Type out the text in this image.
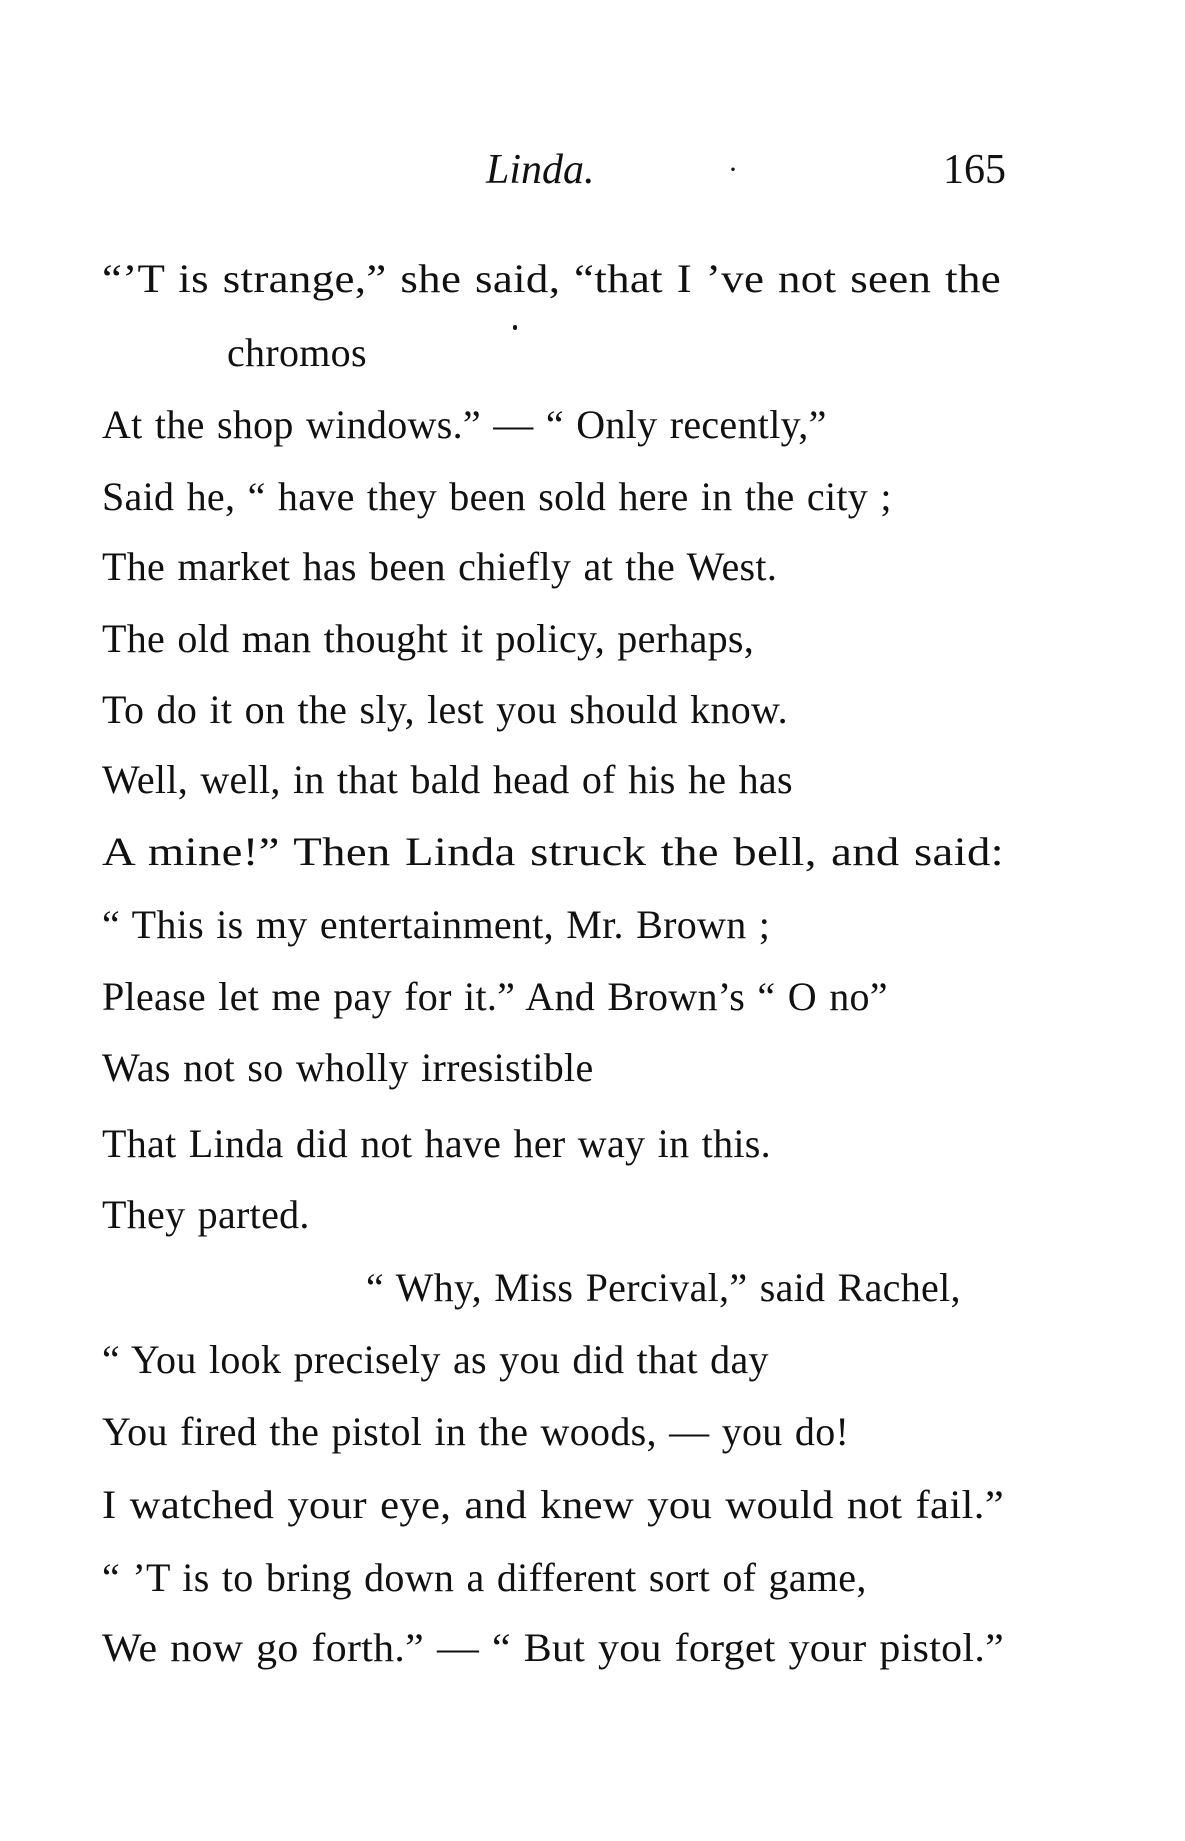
Linda.	·	165
“’T is strange,” she said, “that I ’ve not seen the
chromos
At the shop windows.” — “ Only recently,”
Said he, “ have they been sold here in the city ;
The market has been chiefly at the West.
The old man thought it policy, perhaps,
To do it on the sly, lest you should know.
Well, well, in that bald head of his he has
A mine!” Then Linda struck the bell, and said:
“ This is my entertainment, Mr. Brown ;
Please let me pay for it.” And Brown’s “ O no”
Was not so wholly irresistible
That Linda did not have her way in this.
They parted.
“ Why, Miss Percival,” said Rachel,
“ You look precisely as you did that day
You fired the pistol in the woods, — you do!
I watched your eye, and knew you would not fail.”
“ ’T is to bring down a different sort of game,
We now go forth.” — “ But you forget your pistol.”
